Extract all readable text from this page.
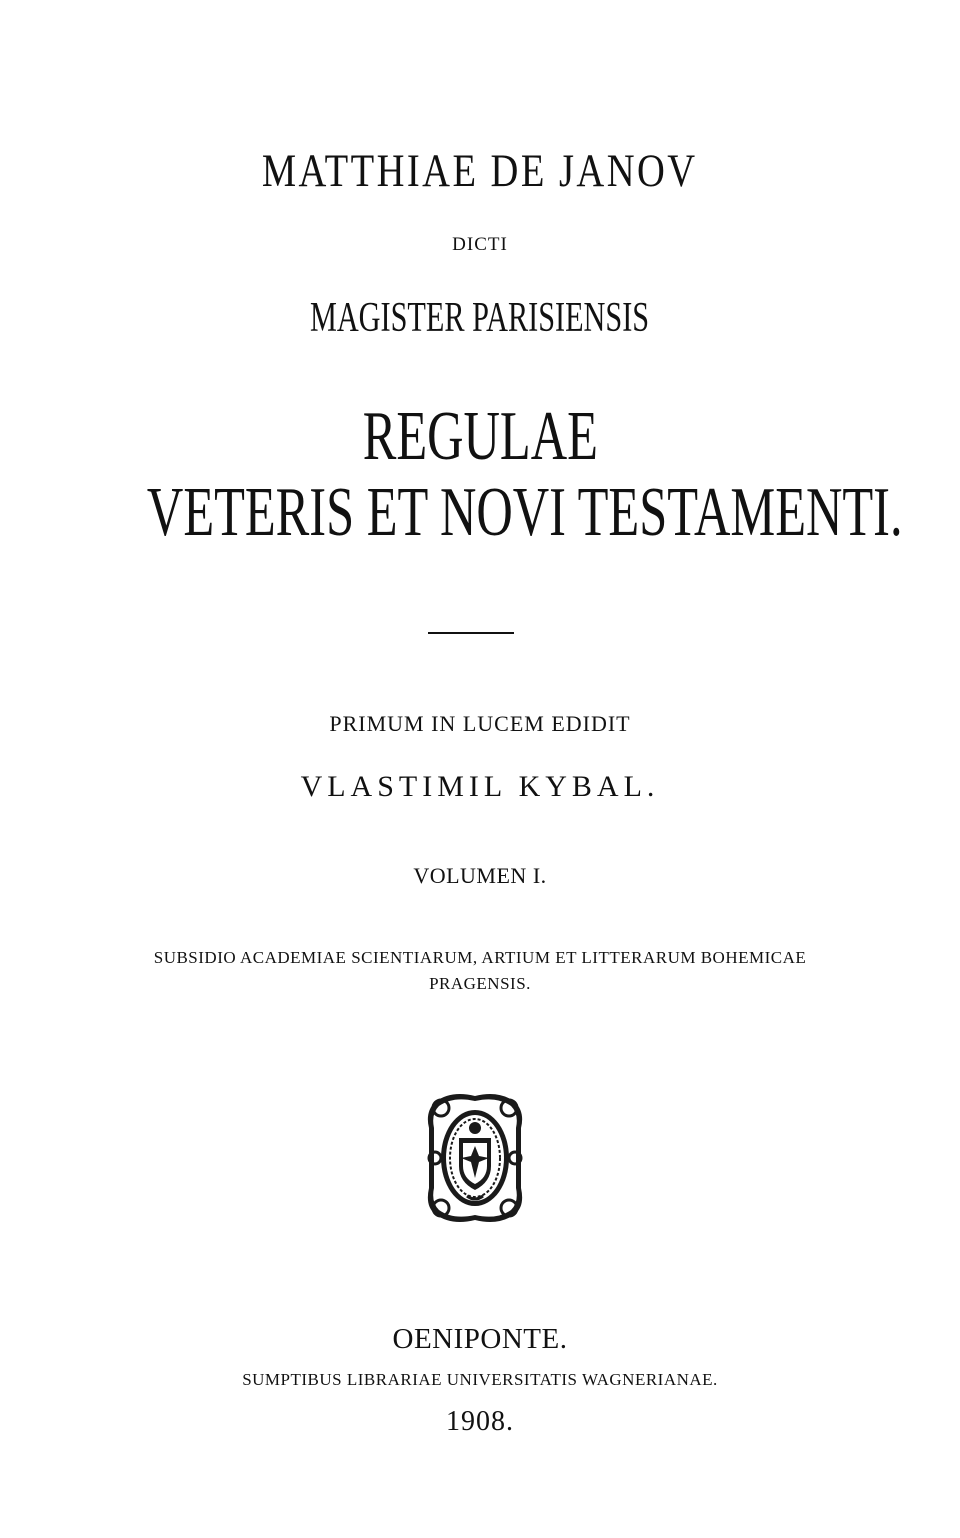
MATTHIAE DE JANOV
DICTI
MAGISTER PARISIENSIS
REGULAE
VETERIS ET NOVI TESTAMENTI.
PRIMUM IN LUCEM EDIDIT
VLASTIMIL KYBAL.
VOLUMEN I.
SUBSIDIO ACADEMIAE SCIENTIARUM, ARTIUM ET LITTERARUM BOHEMICAE
PRAGENSIS.
OENIPONTE.
SUMPTIBUS LIBRARIAE UNIVERSITATIS WAGNERIANAE.
1908.
